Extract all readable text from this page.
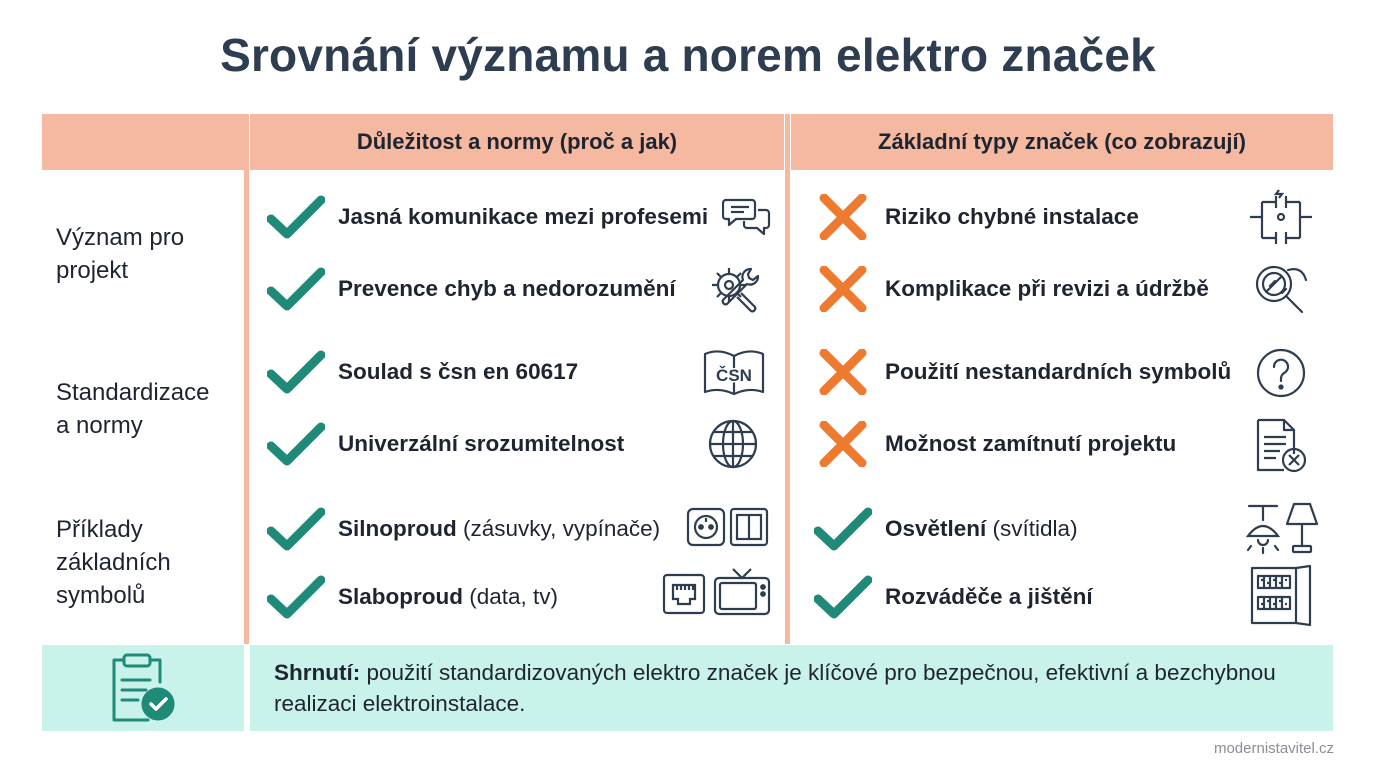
Srovnání významu a norem elektro značek
Důležitost a normy (proč a jak)	Základní typy značek (co zobrazují)
Význam pro
projekt
Standardizace
a normy
Příklady
základních
symbolů
Jasná komunikace mezi profesemi
Prevence chyb a nedorozumění
Riziko chybné instalace
Komplikace při revizi a údržbě
Soulad s čsn en 60617	ČSN
Univerzální srozumitelnost
Použití nestandardních symbolů
Možnost zamítnutí projektu
Silnoproud (zásuvky, vypínače)
Slaboproud (data, tv)
Osvětlení (svítidla)
Rozváděče a jištění
Shrnutí: použití standardizovaných elektro značek je klíčové pro bezpečnou, efektivní a bezchybnou realizaci elektroinstalace.
modernistavitel.cz
